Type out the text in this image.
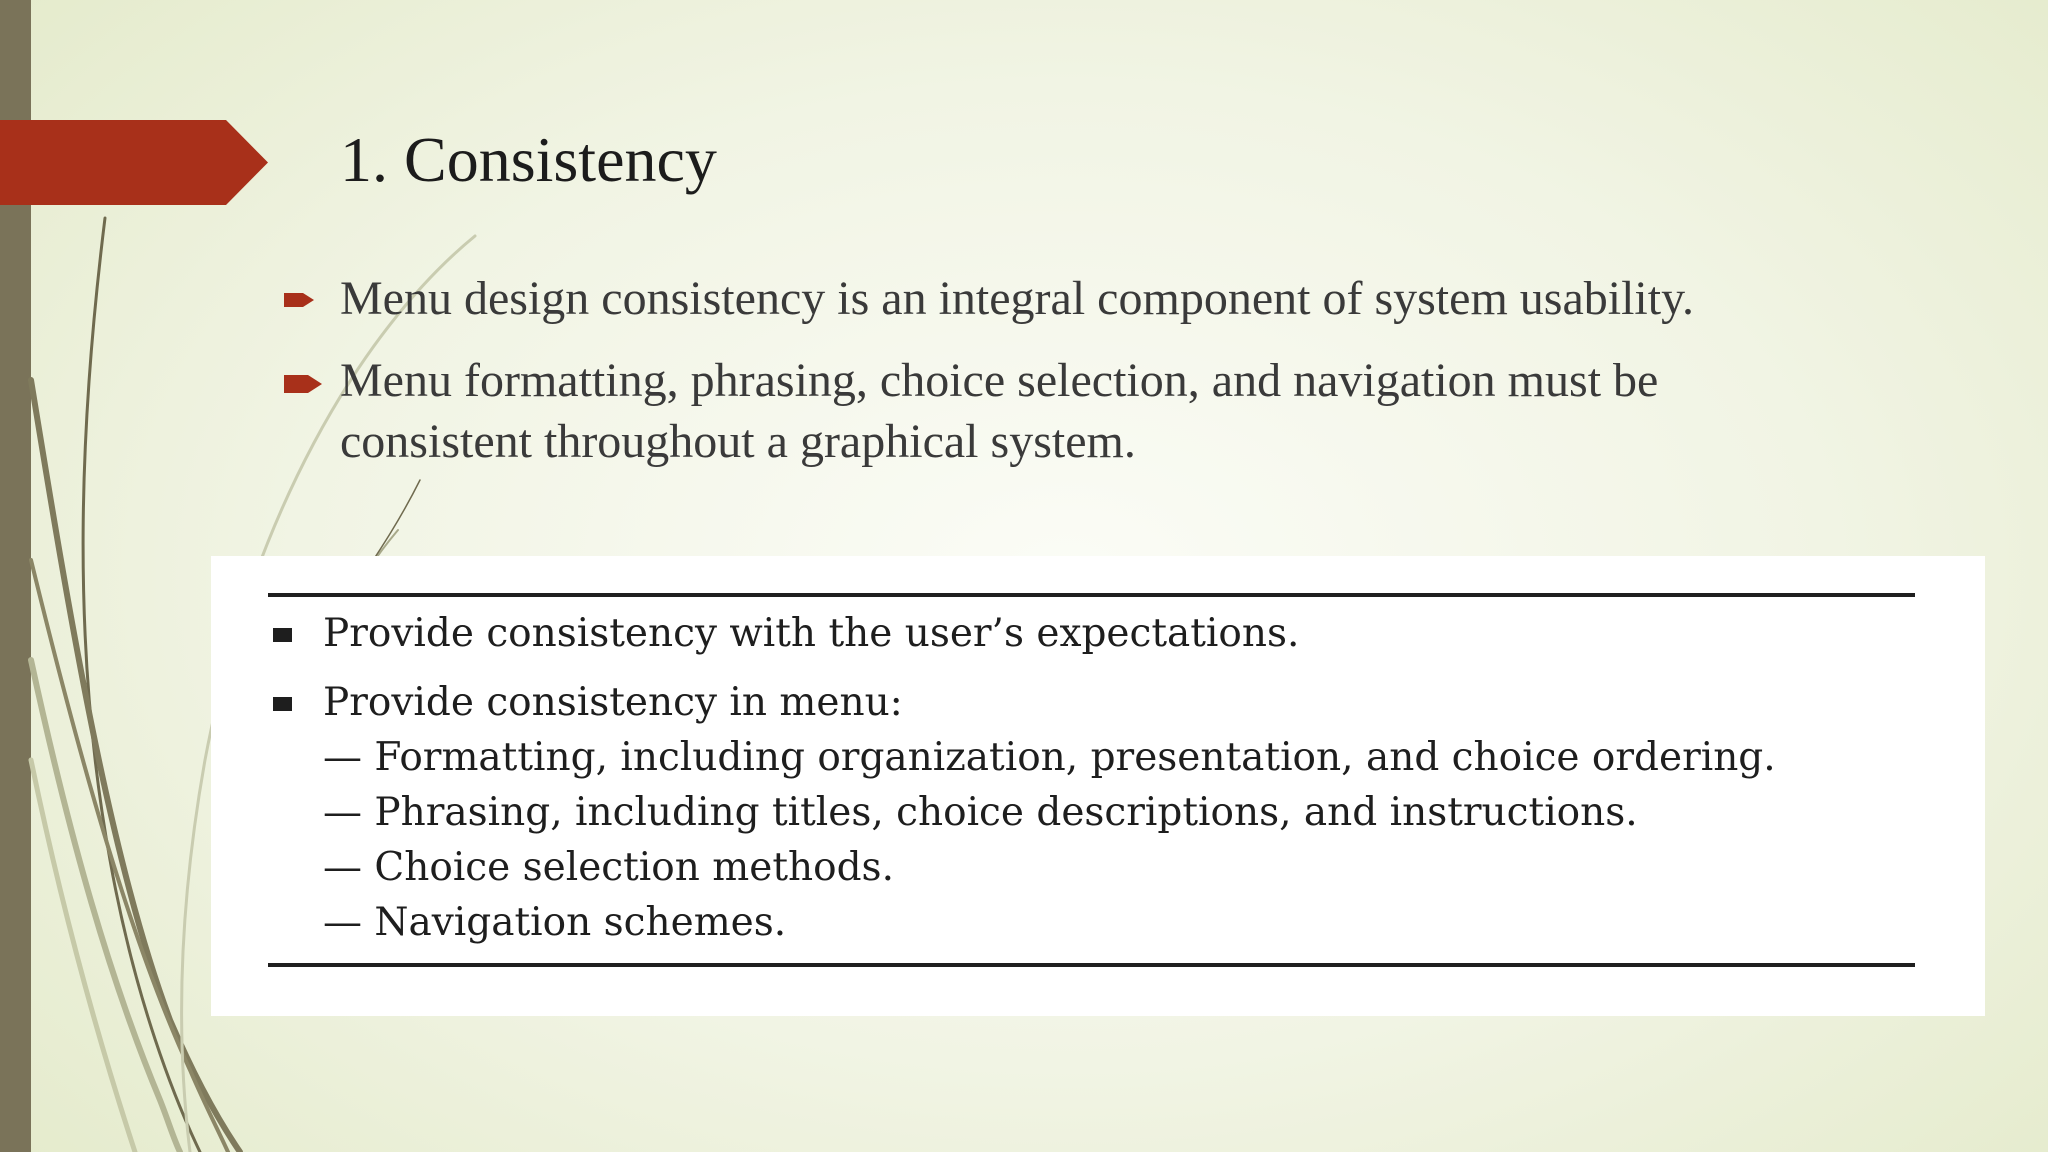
1. Consistency
Menu design consistency is an integral component of system usability.
Menu formatting, phrasing, choice selection, and navigation must be consistent throughout a graphical system.
Provide consistency with the user’s expectations.
Provide consistency in menu:
— Formatting, including organization, presentation, and choice ordering.
— Phrasing, including titles, choice descriptions, and instructions.
— Choice selection methods.
— Navigation schemes.
